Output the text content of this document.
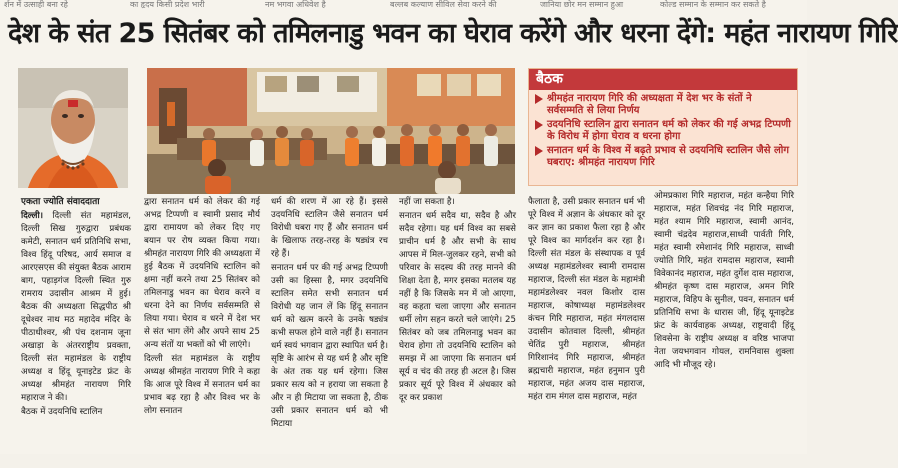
र्शन में उत्साही बना रहे	का हृदय किसी प्रदेश भारी	नम भगवा अधिवेश है	बल्लब कल्याण सीविल सेवा करने की	जानिया छोर मन सम्मान हुआ	कोल्ड सम्मान के सम्मान कर सकते है
देश के संत 25 सितंबर को तमिलनाडु भवन का घेराव करेंगे और धरना देंगे: महंत नारायण गिरि
बैठक
श्रीमहंत नारायण गिरि की अध्यक्षता में देश भर के संतों ने सर्वसम्मति से लिया निर्णय
उदयनिधि स्टालिन द्वारा सनातन धर्म को लेकर की गई अभद्र टिप्पणी के विरोध में होगा घेराव व धरना होगा
सनातन धर्म के विश्व में बढ़ते प्रभाव से उदयनिधि स्टालिन जैसे लोग घबराए: श्रीमहंत नारायण गिरि
एकता ज्योति संवाददाता

दिल्ली। दिल्ली संत महामंडल, दिल्ली सिख गुरुद्वारा प्रबंधक कमेटी, सनातन धर्म प्रतिनिधि सभा, विश्व हिंदू परिषद, आर्य समाज व आरएसएस की संयुक्त बैठक आराम बाग, पहाड़गंज दिल्ली स्थित गुरु रामराय उदासीन आश्रम में हुई। बैठक की अध्यक्षता सिद्धपीठ श्री दूधेश्वर नाथ मठ महादेव मंदिर के पीठाधीश्वर, श्री पंच दशनाम जूना अखाड़ा के अंतरराष्ट्रीय प्रवक्ता, दिल्ली संत महामंडल के राष्ट्रीय अध्यक्ष व हिंदू यूनाइटेड फ्रंट के अध्यक्ष श्रीमहंत नारायण गिरि महाराज ने की।

बैठक में उदयनिधि स्टालिन

द्वारा सनातन धर्म को लेकर की गई अभद्र टिप्पणी व स्वामी प्रसाद मौर्य द्वारा रामायण को लेकर दिए गए बयान पर रोष व्यक्त किया गया। श्रीमहंत नारायण गिरि की अध्यक्षता में हुई बैठक में उदयनिधि स्टालिन को क्षमा नहीं करने तथा 25 सितंबर को तमिलनाडु भवन का घेराव करने व धरना देने का निर्णय सर्वसम्मति से लिया गया। घेराव व धरने में देश भर से संत भाग लेंगे और अपने साथ 25 अन्य संतों या भक्तों को भी लाएंगे।

दिल्ली संत महामंडल के राष्ट्रीय अध्यक्ष श्रीमहंत नारायण गिरि ने कहा कि आज पूरे विश्व में सनातन धर्म का प्रभाव बढ़ रहा है और विश्व भर के लोग सनातन

धर्म की शरण में आ रहे हैं। इससे उदयनिधि स्टालिन जैसे सनातन धर्म विरोधी घबरा गए हैं और सनातन धर्म के खिलाफ तरह-तरह के षड्यंत्र रच रहे हैं।

सनातन धर्म पर की गई अभद्र टिप्पणी उसी का हिस्सा है, मगर उदयनिधि स्टालिन समेत सभी सनातन धर्म विरोधी यह जान लें कि हिंदू सनातन धर्म को खत्म करने के उनके षड्यंत्र कभी सफल होने वाले नहीं हैं। सनातन धर्म स्वयं भगवान द्वारा स्थापित धर्म है। सृष्टि के आरंभ से यह धर्म है और सृष्टि के अंत तक यह धर्म रहेगा। जिस प्रकार सत्य को न हराया जा सकता है और न ही मिटाया जा सकता है, ठीक उसी प्रकार सनातन धर्म को भी मिटाया

नहीं जा सकता है।

सनातन धर्म सदैव था, सदैव है और सदैव रहेगा। यह धर्म विश्व का सबसे प्राचीन धर्म है और सभी के साथ आपस में मिल-जुलकर रहने, सभी को परिवार के सदस्य की तरह मानने की शिक्षा देता है, मगर इसका मतलब यह नहीं है कि जिसके मन में जो आएगा, वह कहता चला जाएगा और सनातन धर्मी लोग सहन करते चले जाएंगे। 25 सितंबर को जब तमिलनाडु भवन का घेराव होगा तो उदयनिधि स्टालिन को समझ में आ जाएगा कि सनातन धर्म सूर्य व चंद की तरह ही अटल है। जिस प्रकार सूर्य पूरे विश्व में अंधकार को दूर कर प्रकाश

फैलाता है, उसी प्रकार सनातन धर्म भी पूरे विश्व में अज्ञान के अंधकार को दूर कर ज्ञान का प्रकाश फैला रहा है और पूरे विश्व का मार्गदर्शन कर रहा है। दिल्ली संत मंडल के संस्थापक व पूर्व अध्यक्ष महामंडलेश्वर स्वामी रामदास महाराज, दिल्ली संत मंडल के महामंत्री महामंडलेश्वर नवल किशोर दास महाराज, कोषाध्यक्ष महामंडलेश्वर कंचन गिरि महाराज, महंत मंगलदास उदासीन कोतवाल दिल्ली, श्रीमहंत चेतिंद्र पुरी महाराज, श्रीमहंत गिरिशानंद गिरि महाराज, श्रीमहंत ब्रह्मचारी महाराज, महंत हनुमान पुरी महाराज, महंत अजय दास महाराज, महंत राम मंगल दास महाराज, महंत

ओमप्रकाश गिरि महाराज, महंत कन्हैया गिरि महाराज, महंत शिवचंद्र नंद गिरि महाराज, महंत श्याम गिरि महाराज, स्वामी आनंद, स्वामी चंद्रदेव महाराज,साध्वी पार्वती गिरि, महंत स्वामी रमेशानंद गिरि महाराज, साध्वी ज्योति गिरि, महंत रामदास महाराज, स्वामी विवेकानंद महाराज, महंत दुर्गेश दास महाराज, श्रीमहंत कृष्ण दास महाराज, अमन गिरि महाराज, विहिप के सुनील, पवन, सनातन धर्म प्रतिनिधि सभा के धारास जी, हिंदू यूनाइटेड फ्रंट के कार्यवाहक अध्यक्ष, राष्ट्रवादी हिंदू शिवसेना के राष्ट्रीय अध्यक्ष व वरिष्ठ भाजपा नेता जयभगवान गोयल, रामनिवास शुक्ला आदि भी मौजूद रहे।
